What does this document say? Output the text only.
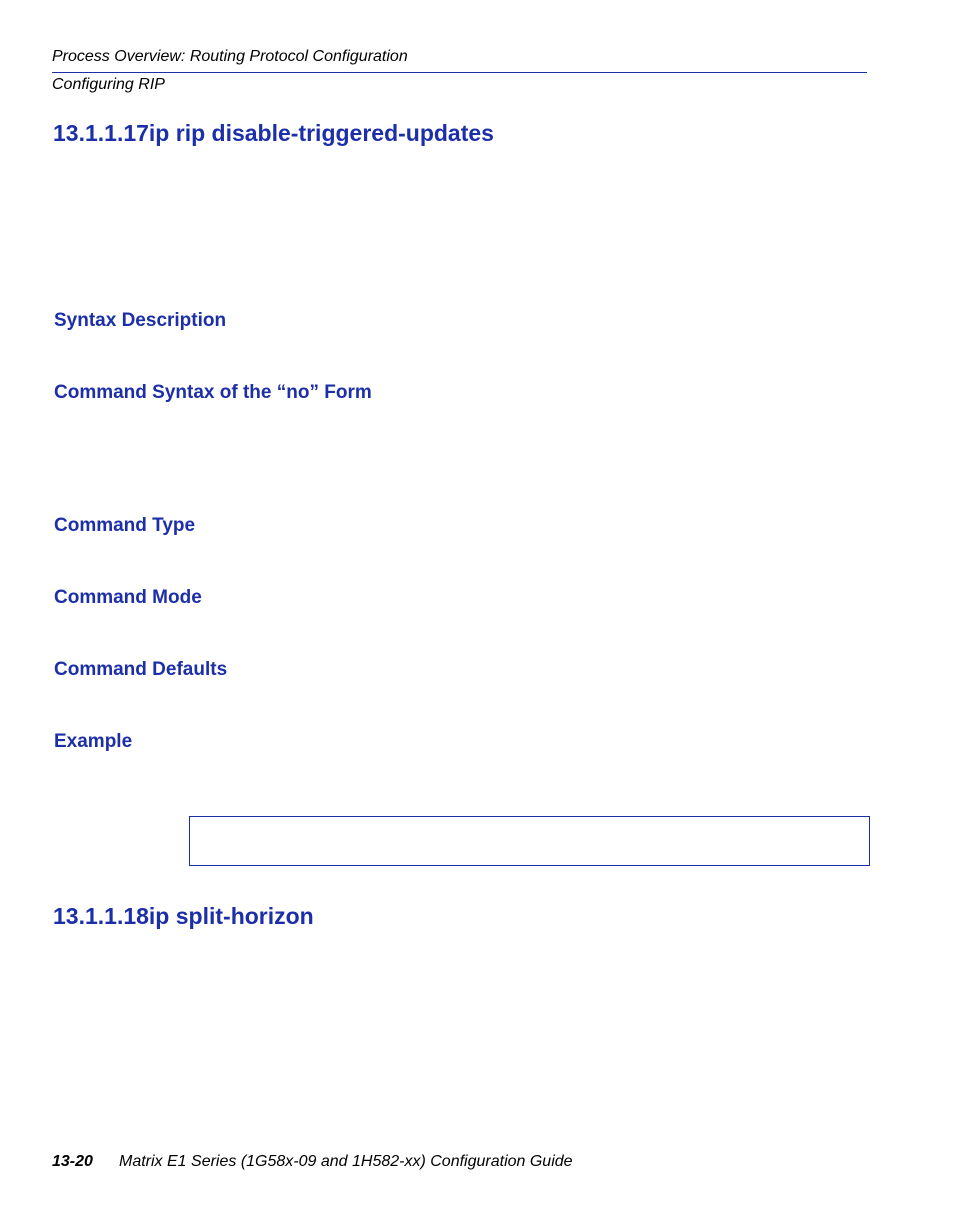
Process Overview: Routing Protocol Configuration
Configuring RIP
13.1.1.17ip rip disable-triggered-updates
Syntax Description
Command Syntax of the “no” Form
Command Type
Command Mode
Command Defaults
Example
13.1.1.18ip split-horizon
13-20 Matrix E1 Series (1G58x-09 and 1H582-xx) Configuration Guide
